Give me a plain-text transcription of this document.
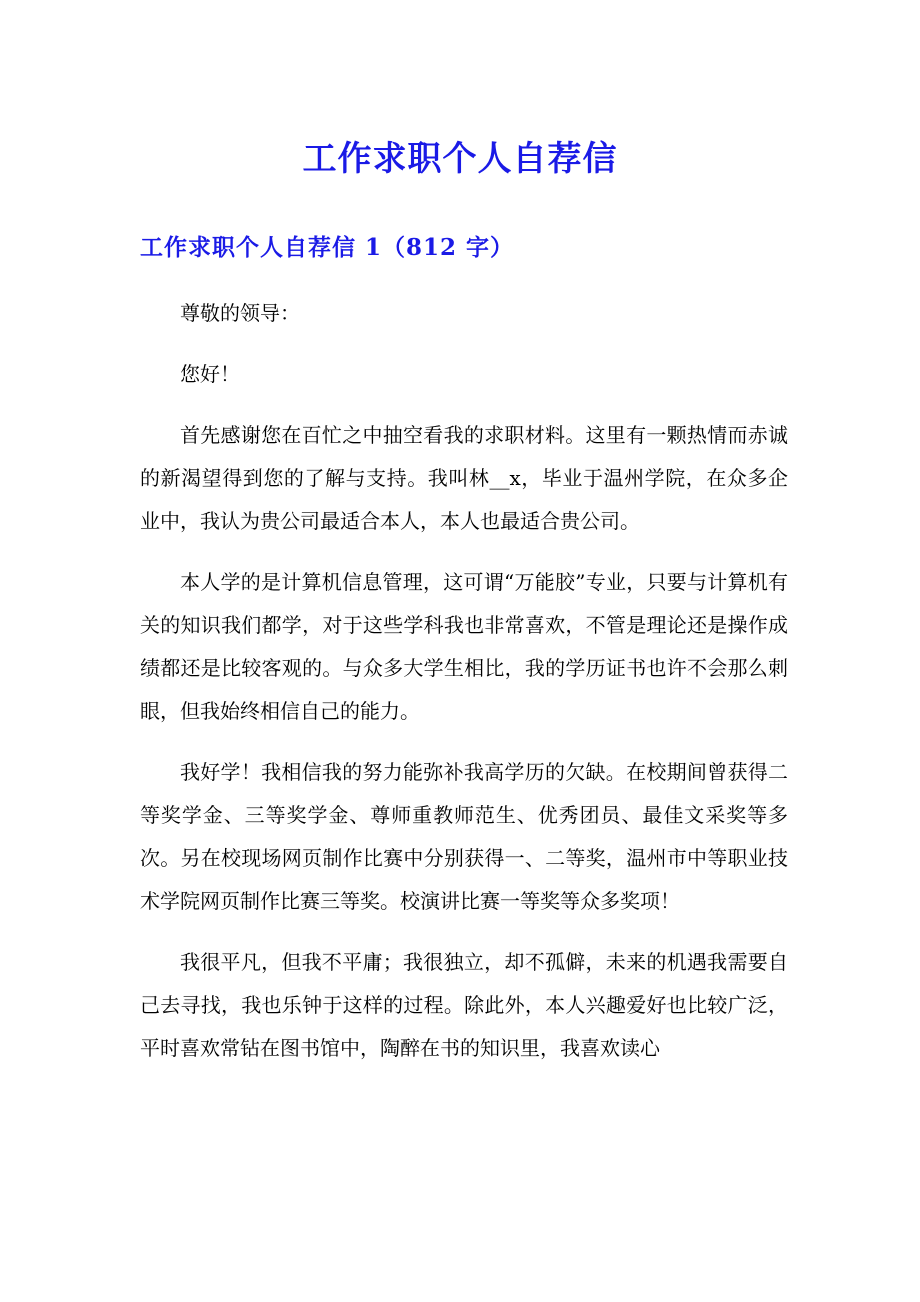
工作求职个人自荐信
工作求职个人自荐信 1（812 字）

尊敬的领导：

您好！

首先感谢您在百忙之中抽空看我的求职材料。这里有一颗热情而赤诚的新渴望得到您的了解与支持。我叫林__x，毕业于温州学院，在众多企业中，我认为贵公司最适合本人，本人也最适合贵公司。

本人学的是计算机信息管理，这可谓“万能胶”专业，只要与计算机有关的知识我们都学，对于这些学科我也非常喜欢，不管是理论还是操作成绩都还是比较客观的。与众多大学生相比，我的学历证书也许不会那么刺眼，但我始终相信自己的能力。

我好学！我相信我的努力能弥补我高学历的欠缺。在校期间曾获得二等奖学金、三等奖学金、尊师重教师范生、优秀团员、最佳文采奖等多次。另在校现场网页制作比赛中分别获得一、二等奖，温州市中等职业技术学院网页制作比赛三等奖。校演讲比赛一等奖等众多奖项！

我很平凡，但我不平庸；我很独立，却不孤僻，未来的机遇我需要自己去寻找，我也乐钟于这样的过程。除此外，本人兴趣爱好也比较广泛，平时喜欢常钻在图书馆中，陶醉在书的知识里，我喜欢读心
